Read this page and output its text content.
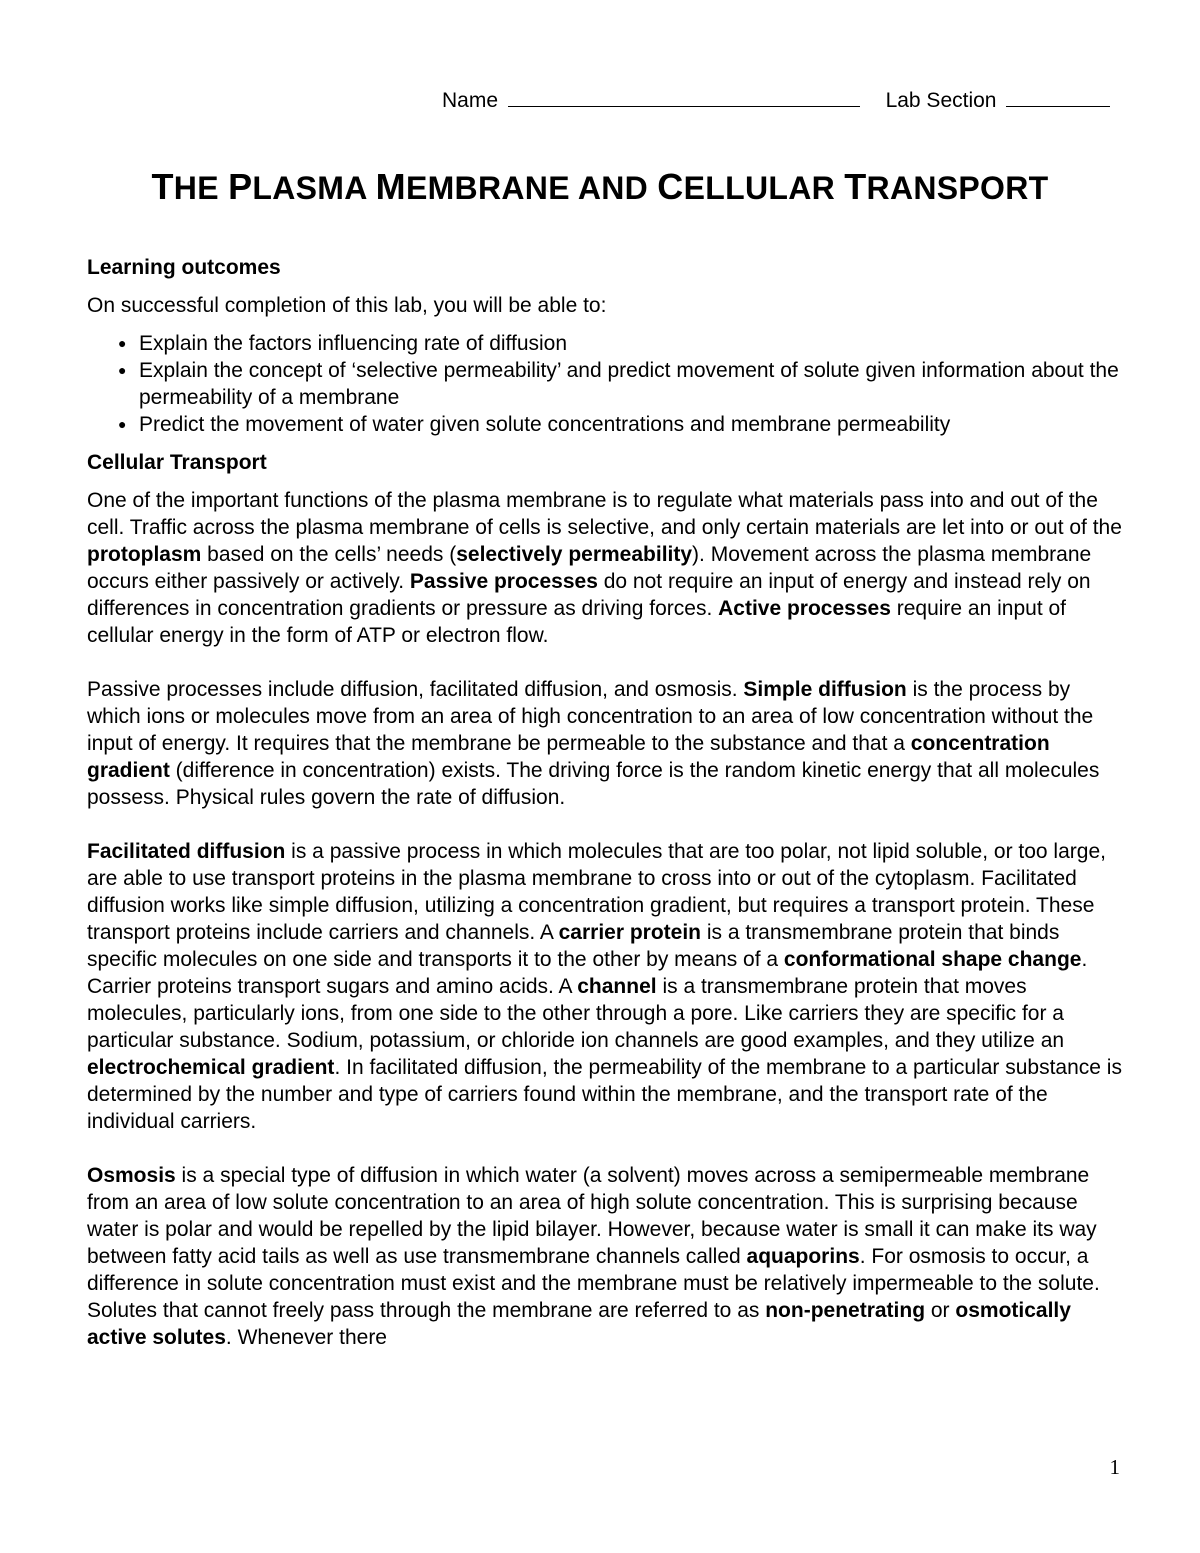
Name	Lab Section
THE PLASMA MEMBRANE AND CELLULAR TRANSPORT
Learning outcomes

On successful completion of this lab, you will be able to:

● Explain the factors influencing rate of diffusion
● Explain the concept of ‘selective permeability’ and predict movement of solute given information about the permeability of a membrane
● Predict the movement of water given solute concentrations and membrane permeability
Cellular Transport

One of the important functions of the plasma membrane is to regulate what materials pass into and out of the cell. Traffic across the plasma membrane of cells is selective, and only certain materials are let into or out of the protoplasm based on the cells’ needs (selectively permeability). Movement across the plasma membrane occurs either passively or actively. Passive processes do not require an input of energy and instead rely on differences in concentration gradients or pressure as driving forces. Active processes require an input of cellular energy in the form of ATP or electron flow.

Passive processes include diffusion, facilitated diffusion, and osmosis. Simple diffusion is the process by which ions or molecules move from an area of high concentration to an area of low concentration without the input of energy. It requires that the membrane be permeable to the substance and that a concentration gradient (difference in concentration) exists. The driving force is the random kinetic energy that all molecules possess. Physical rules govern the rate of diffusion.

Facilitated diffusion is a passive process in which molecules that are too polar, not lipid soluble, or too large, are able to use transport proteins in the plasma membrane to cross into or out of the cytoplasm. Facilitated diffusion works like simple diffusion, utilizing a concentration gradient, but requires a transport protein. These transport proteins include carriers and channels. A carrier protein is a transmembrane protein that binds specific molecules on one side and transports it to the other by means of a conformational shape change. Carrier proteins transport sugars and amino acids. A channel is a transmembrane protein that moves molecules, particularly ions, from one side to the other through a pore. Like carriers they are specific for a particular substance. Sodium, potassium, or chloride ion channels are good examples, and they utilize an electrochemical gradient. In facilitated diffusion, the permeability of the membrane to a particular substance is determined by the number and type of carriers found within the membrane, and the transport rate of the individual carriers.

Osmosis is a special type of diffusion in which water (a solvent) moves across a semipermeable membrane from an area of low solute concentration to an area of high solute concentration. This is surprising because water is polar and would be repelled by the lipid bilayer. However, because water is small it can make its way between fatty acid tails as well as use transmembrane channels called aquaporins. For osmosis to occur, a difference in solute concentration must exist and the membrane must be relatively impermeable to the solute. Solutes that cannot freely pass through the membrane are referred to as non-penetrating or osmotically active solutes. Whenever there

1
